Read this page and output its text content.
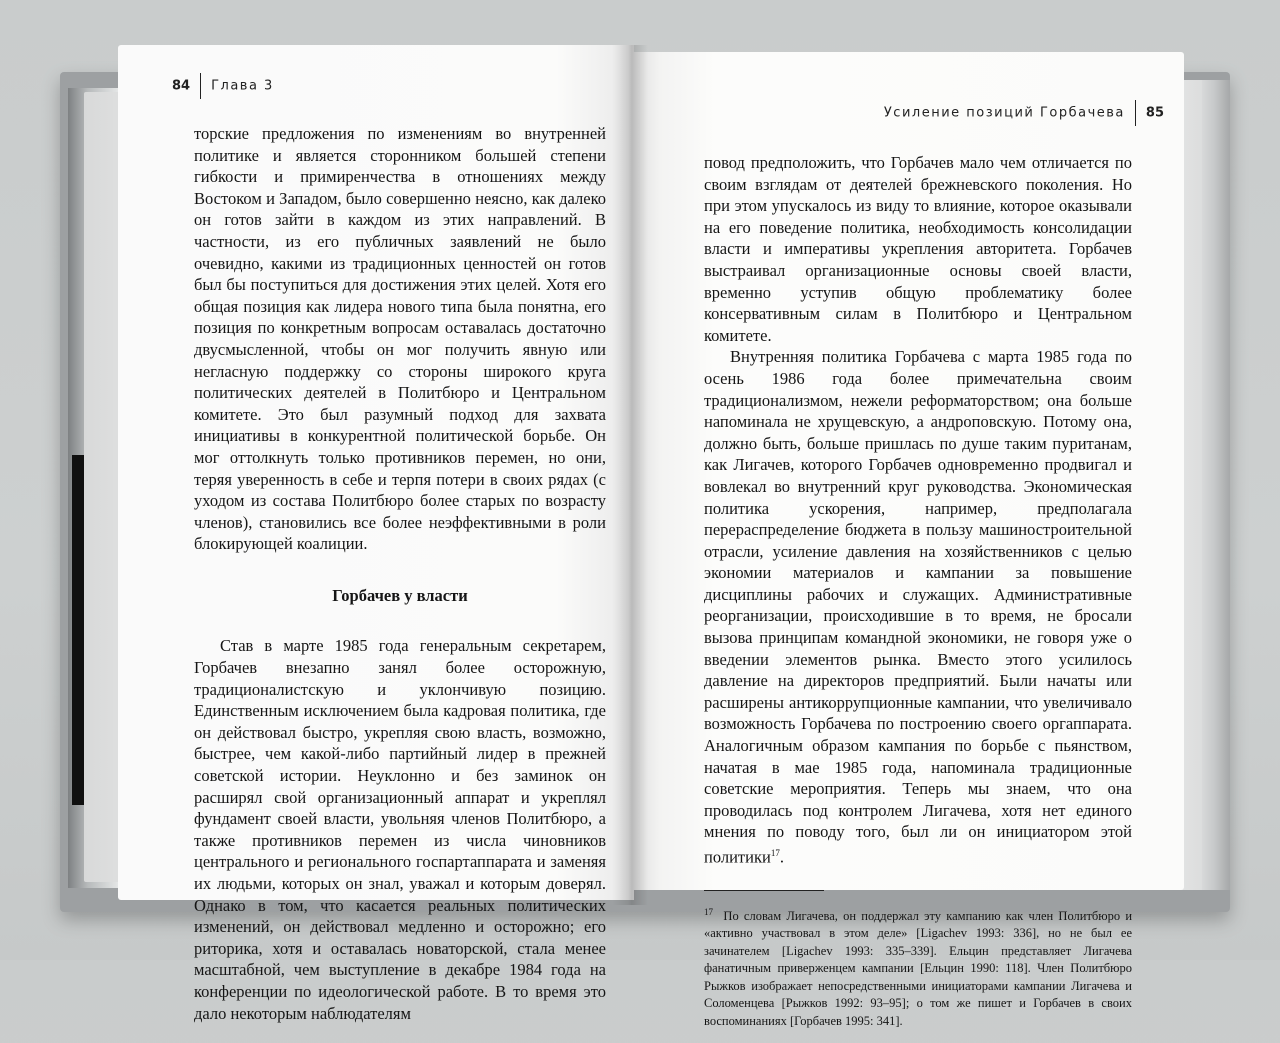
84 Глава 3

торские предложения по изменениям во внутренней политике и является сторонником большей степени гибкости и примиренчества в отношениях между Востоком и Западом, было совершенно неясно, как далеко он готов зайти в каждом из этих направлений. В частности, из его публичных заявлений не было очевидно, какими из традиционных ценностей он готов был бы поступиться для достижения этих целей. Хотя его общая позиция как лидера нового типа была понятна, его позиция по конкретным вопросам оставалась достаточно двусмысленной, чтобы он мог получить явную или негласную поддержку со стороны широкого круга политических деятелей в Политбюро и Центральном комитете. Это был разумный подход для захвата инициативы в конкурентной политической борьбе. Он мог оттолкнуть только противников перемен, но они, теряя уверенность в себе и терпя потери в своих рядах (с уходом из состава Политбюро более старых по возрасту членов), становились все более неэффективными в роли блокирующей коалиции.

Горбачев у власти

Став в марте 1985 года генеральным секретарем, Горбачев внезапно занял более осторожную, традиционалистскую и уклончивую позицию. Единственным исключением была кадровая политика, где он действовал быстро, укрепляя свою власть, возможно, быстрее, чем какой-либо партийный лидер в прежней советской истории. Неуклонно и без заминок он расширял свой организационный аппарат и укреплял фундамент своей власти, увольняя членов Политбюро, а также противников перемен из числа чиновников центрального и регионального госпартаппарата и заменяя их людьми, которых он знал, уважал и которым доверял. Однако в том, что касается реальных политических изменений, он действовал медленно и осторожно; его риторика, хотя и оставалась новаторской, стала менее масштабной, чем выступление в декабре 1984 года на конференции по идеологической работе. В то время это дало некоторым наблюдателям

Усиление позиций Горбачева 85

повод предположить, что Горбачев мало чем отличается по своим взглядам от деятелей брежневского поколения. Но при этом упускалось из виду то влияние, которое оказывали на его поведение политика, необходимость консолидации власти и императивы укрепления авторитета. Горбачев выстраивал организационные основы своей власти, временно уступив общую проблематику более консервативным силам в Политбюро и Центральном комитете.

Внутренняя политика Горбачева с марта 1985 года по осень 1986 года более примечательна своим традиционализмом, нежели реформаторством; она больше напоминала не хрущевскую, а андроповскую. Потому она, должно быть, больше пришлась по душе таким пуританам, как Лигачев, которого Горбачев одновременно продвигал и вовлекал во внутренний круг руководства. Экономическая политика ускорения, например, предполагала перераспределение бюджета в пользу машиностроительной отрасли, усиление давления на хозяйственников с целью экономии материалов и кампании за повышение дисциплины рабочих и служащих. Административные реорганизации, происходившие в то время, не бросали вызова принципам командной экономики, не говоря уже о введении элементов рынка. Вместо этого усилилось давление на директоров предприятий. Были начаты или расширены антикоррупционные кампании, что увеличивало возможность Горбачева по построению своего оргаппарата. Аналогичным образом кампания по борьбе с пьянством, начатая в мае 1985 года, напоминала традиционные советские мероприятия. Теперь мы знаем, что она проводилась под контролем Лигачева, хотя нет единого мнения по поводу того, был ли он инициатором этой политики$^{17}$.

$^{17}$ По словам Лигачева, он поддержал эту кампанию как член Политбюро и «активно участвовал в этом деле» [Ligachev 1993: 336], но не был ее зачинателем [Ligachev 1993: 335–339]. Ельцин представляет Лигачева фанатичным приверженцем кампании [Ельцин 1990: 118]. Член Политбюро Рыжков изображает непосредственными инициаторами кампании Лигачева и Соломенцева [Рыжков 1992: 93–95]; о том же пишет и Горбачев в своих воспоминаниях [Горбачев 1995: 341].
